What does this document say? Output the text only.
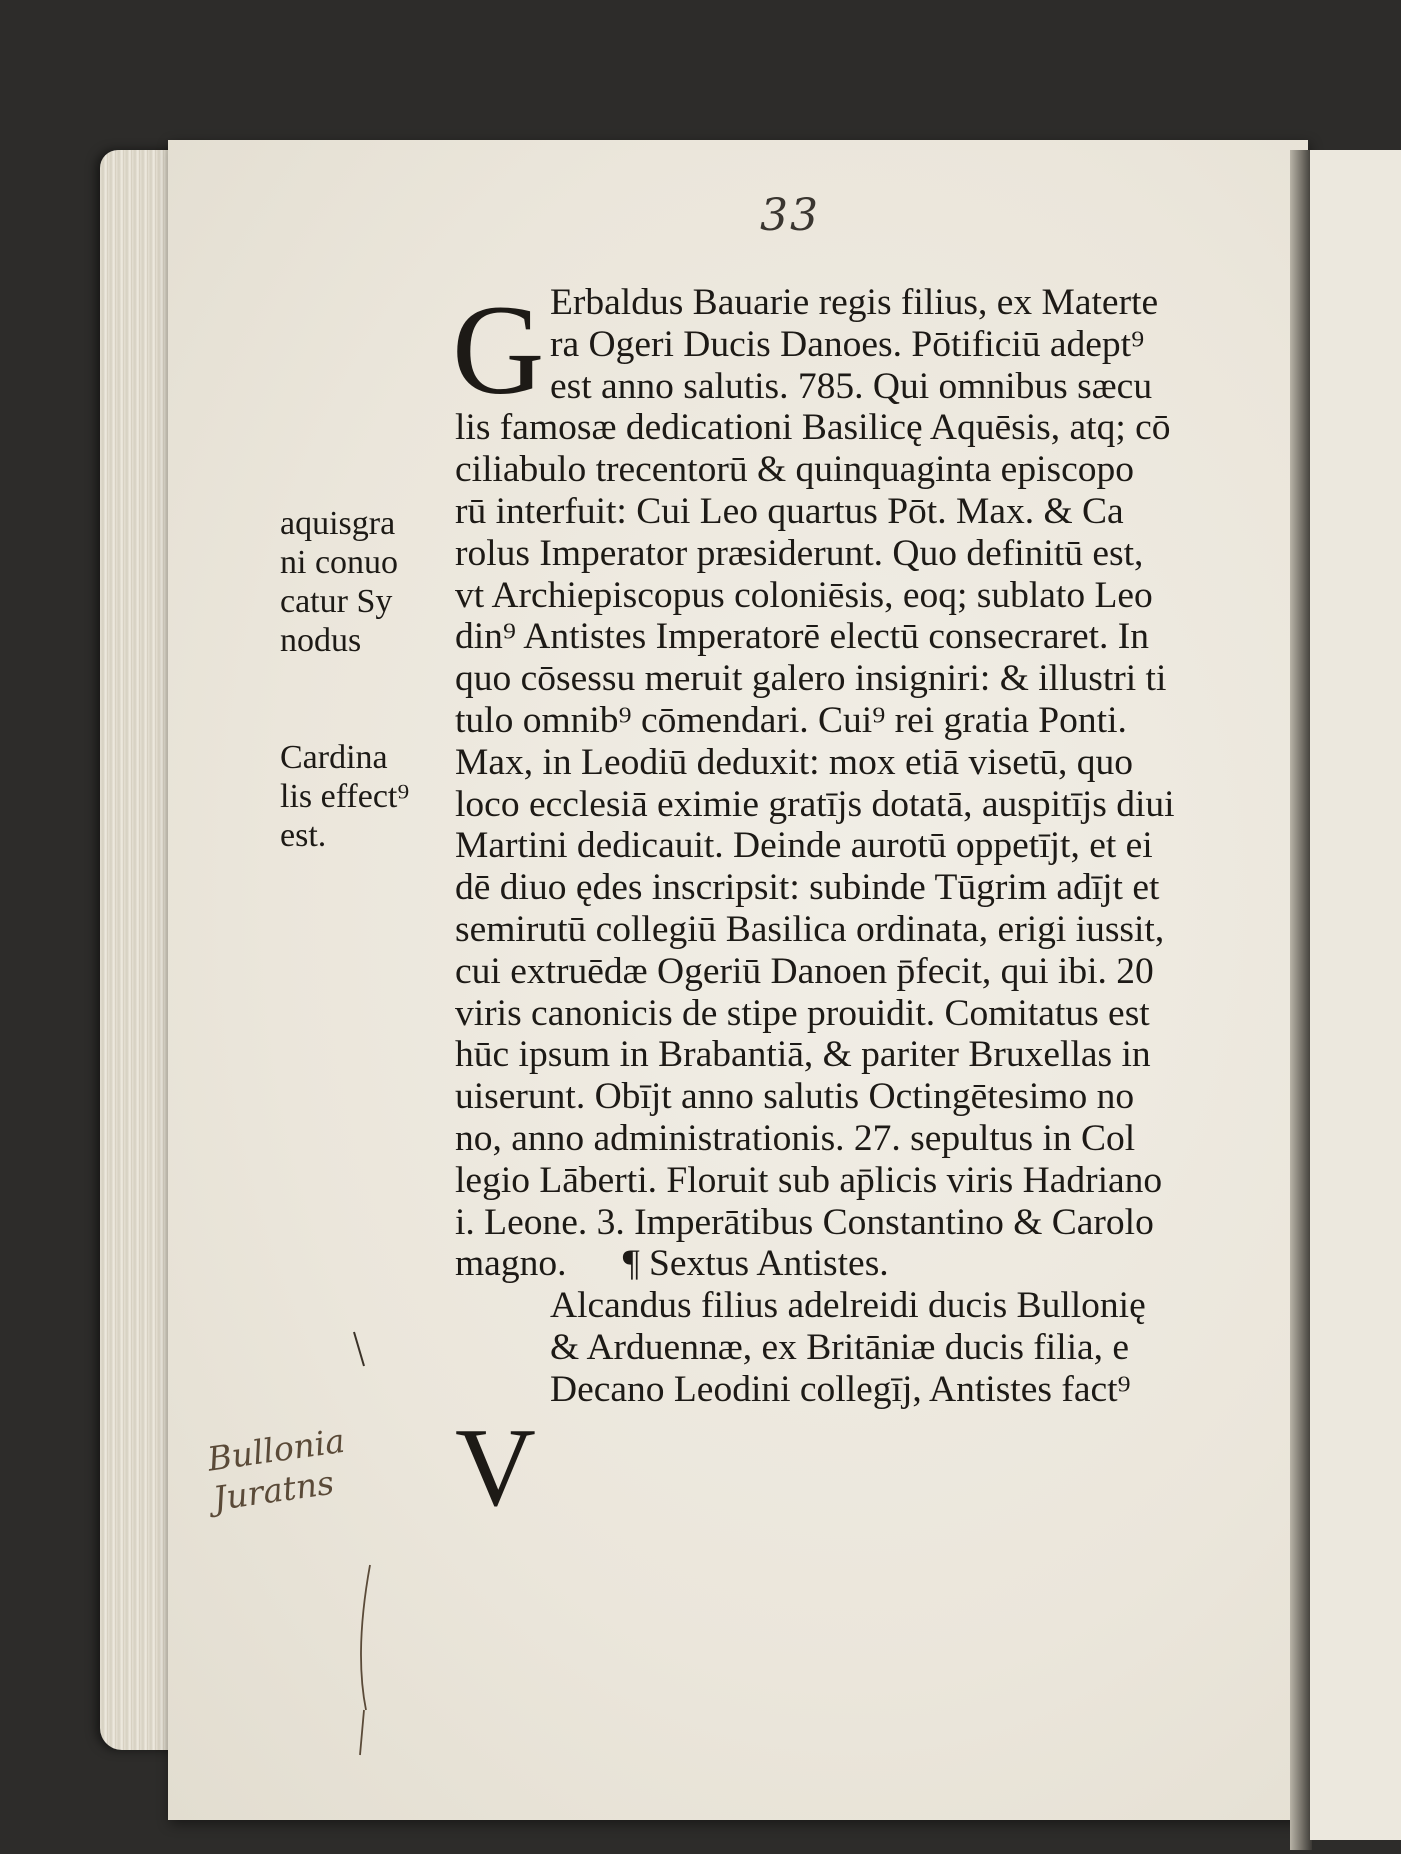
33
G Erbaldus Bauarie regis filius, ex Materte
ra Ogeri Ducis Danoes. Pōtificiū adept⁹
est anno salutis. 785. Qui omnibus sæcu
lis famosæ dedicationi Basilicę Aquēsis, atq; cō
ciliabulo trecentorū & quinquaginta episcopo
rū interfuit: Cui Leo quartus Pōt. Max. & Ca
rolus Imperator præsiderunt. Quo definitū est,
vt Archiepiscopus coloniēsis, eoq; sublato Leo
din⁹ Antistes Imperatorē electū consecraret. In
quo cōsessu meruit galero insigniri: & illustri ti
tulo omnib⁹ cōmendari. Cui⁹ rei gratia Ponti.
Max, in Leodiū deduxit: mox etiā visetū, quo
loco ecclesiā eximie gratījs dotatā, auspitījs diui
Martini dedicauit. Deinde aurotū oppetījt, et ei
dē diuo ędes inscripsit: subinde Tūgrim adījt et
semirutū collegiū Basilica ordinata, erigi iussit,
cui extruēdæ Ogeriū Danoen p̄fecit, qui ibi. 20
viris canonicis de stipe prouidit. Comitatus est
hūc ipsum in Brabantiā, & pariter Bruxellas in
uiserunt. Obījt anno salutis Octingētesimo no
no, anno administrationis. 27. sepultus in Col
legio Lāberti. Floruit sub ap̄licis viris Hadriano
i. Leone. 3. Imperātibus Constantino & Carolo
magno.      ¶ Sextus Antistes.
Alcandus filius adelreidi ducis Bullonię
& Arduennæ, ex Britāniæ ducis filia, e
Decano Leodini collegīj, Antistes fact⁹
V
aquisgra
ni conuo
catur Sy
nodus
Cardina
lis effect⁹
est.
Bullonia
Juratns
